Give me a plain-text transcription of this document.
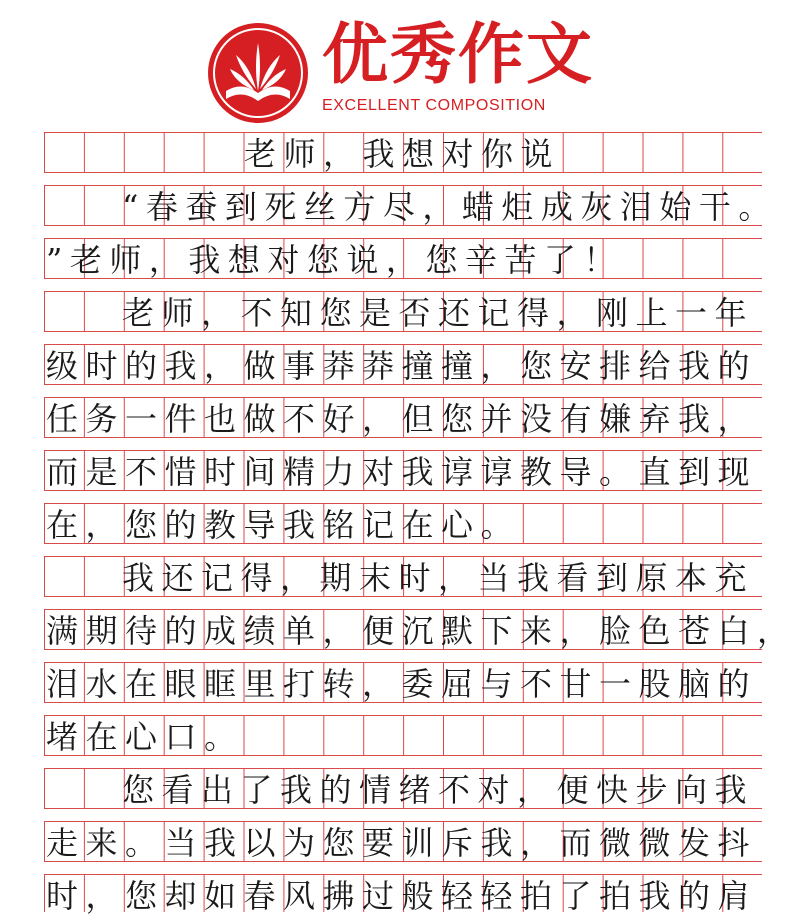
优秀作文
EXCELLENT COMPOSITION
老师，我想对你说
“春蚕到死丝方尽，蜡炬成灰泪始干。
”老师，我想对您说，您辛苦了！
老师，不知您是否还记得，刚上一年
级时的我，做事莽莽撞撞，您安排给我的
任务一件也做不好，但您并没有嫌弃我，
而是不惜时间精力对我谆谆教导。直到现
在，您的教导我铭记在心。
我还记得，期末时，当我看到原本充
满期待的成绩单，便沉默下来，脸色苍白，
泪水在眼眶里打转，委屈与不甘一股脑的
堵在心口。
您看出了我的情绪不对，便快步向我
走来。当我以为您要训斥我，而微微发抖
时，您却如春风拂过般轻轻拍了拍我的肩
